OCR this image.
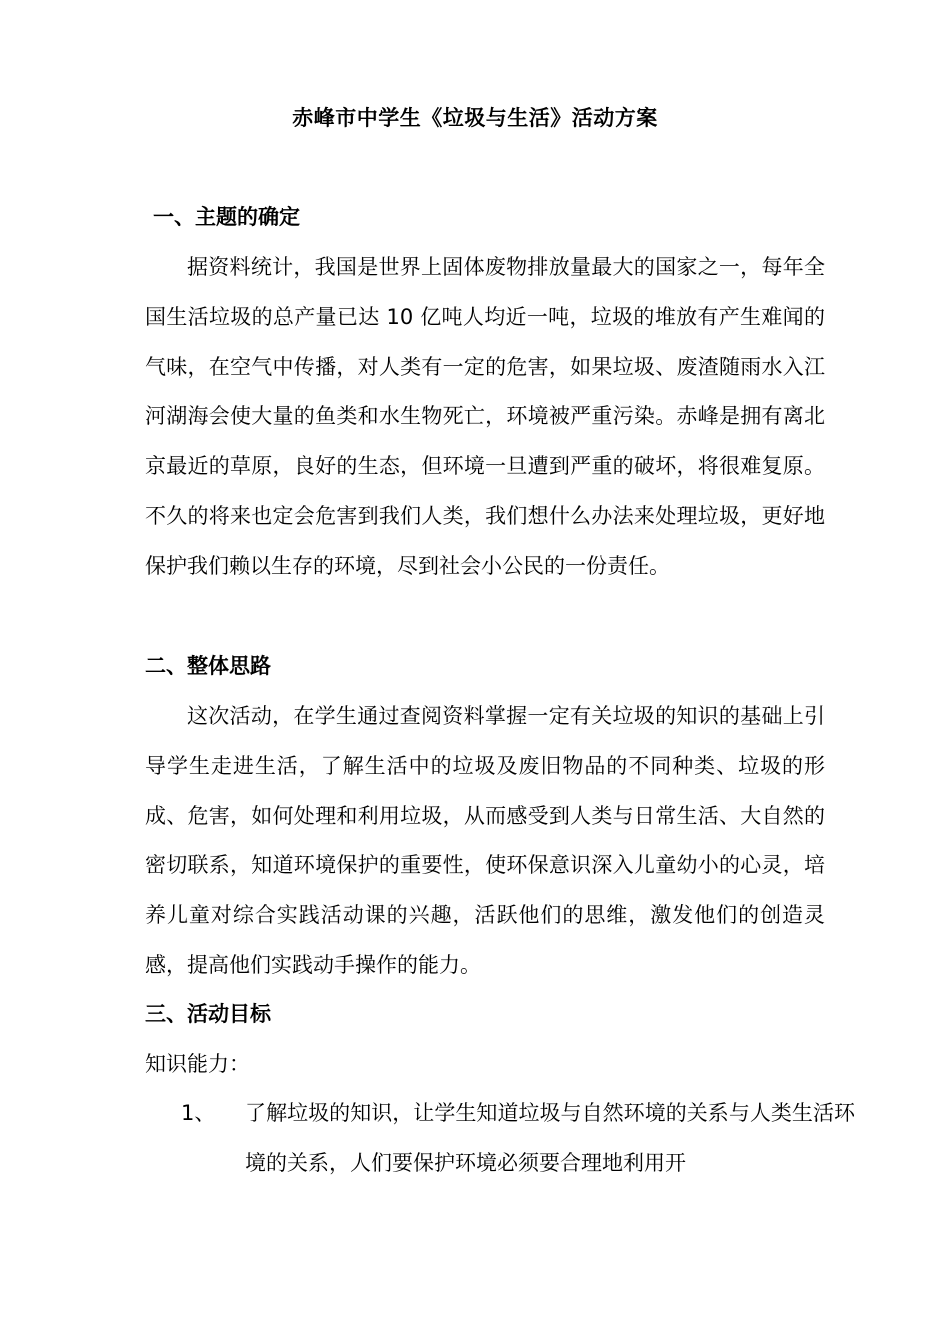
赤峰市中学生《垃圾与生活》活动方案
一、主题的确定
据资料统计，我国是世界上固体废物排放量最大的国家之一，每年全国生活垃圾的总产量已达 10 亿吨人均近一吨，垃圾的堆放有产生难闻的气味，在空气中传播，对人类有一定的危害，如果垃圾、废渣随雨水入江河湖海会使大量的鱼类和水生物死亡，环境被严重污染。赤峰是拥有离北京最近的草原，良好的生态，但环境一旦遭到严重的破坏，将很难复原。不久的将来也定会危害到我们人类，我们想什么办法来处理垃圾，更好地保护我们赖以生存的环境，尽到社会小公民的一份责任。
二、整体思路
这次活动，在学生通过查阅资料掌握一定有关垃圾的知识的基础上引导学生走进生活，了解生活中的垃圾及废旧物品的不同种类、垃圾的形成、危害，如何处理和利用垃圾，从而感受到人类与日常生活、大自然的密切联系，知道环境保护的重要性，使环保意识深入儿童幼小的心灵，培养儿童对综合实践活动课的兴趣，活跃他们的思维，激发他们的创造灵感，提高他们实践动手操作的能力。
三、活动目标
知识能力：
1、 了解垃圾的知识，让学生知道垃圾与自然环境的关系与人类生活环境的关系，人们要保护环境必须要合理地利用开
